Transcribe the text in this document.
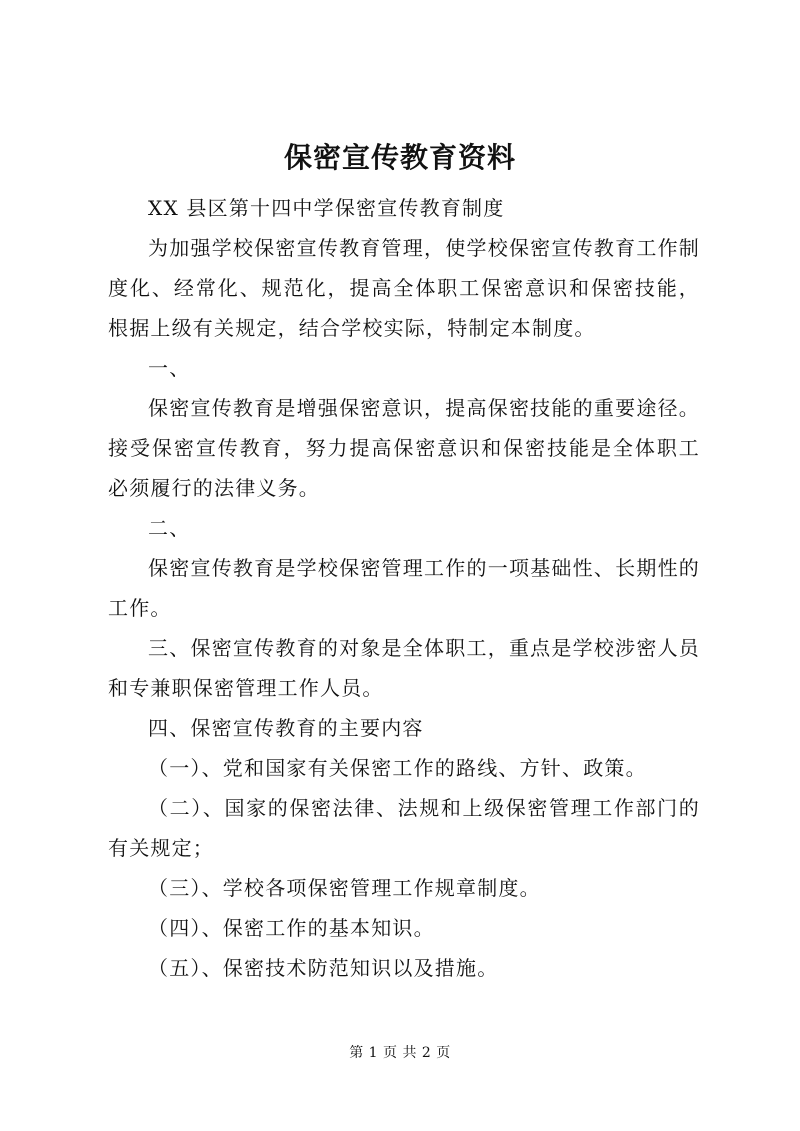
保密宣传教育资料

XX 县区第十四中学保密宣传教育制度

为加强学校保密宣传教育管理，使学校保密宣传教育工作制度化、经常化、规范化，提高全体职工保密意识和保密技能，根据上级有关规定，结合学校实际，特制定本制度。

一、

保密宣传教育是增强保密意识，提高保密技能的重要途径。接受保密宣传教育，努力提高保密意识和保密技能是全体职工必须履行的法律义务。

二、

保密宣传教育是学校保密管理工作的一项基础性、长期性的工作。

三、保密宣传教育的对象是全体职工，重点是学校涉密人员和专兼职保密管理工作人员。

四、保密宣传教育的主要内容

（一）、党和国家有关保密工作的路线、方针、政策。

（二）、国家的保密法律、法规和上级保密管理工作部门的有关规定；

（三）、学校各项保密管理工作规章制度。

（四）、保密工作的基本知识。

（五）、保密技术防范知识以及措施。

第 1 页 共 2 页
